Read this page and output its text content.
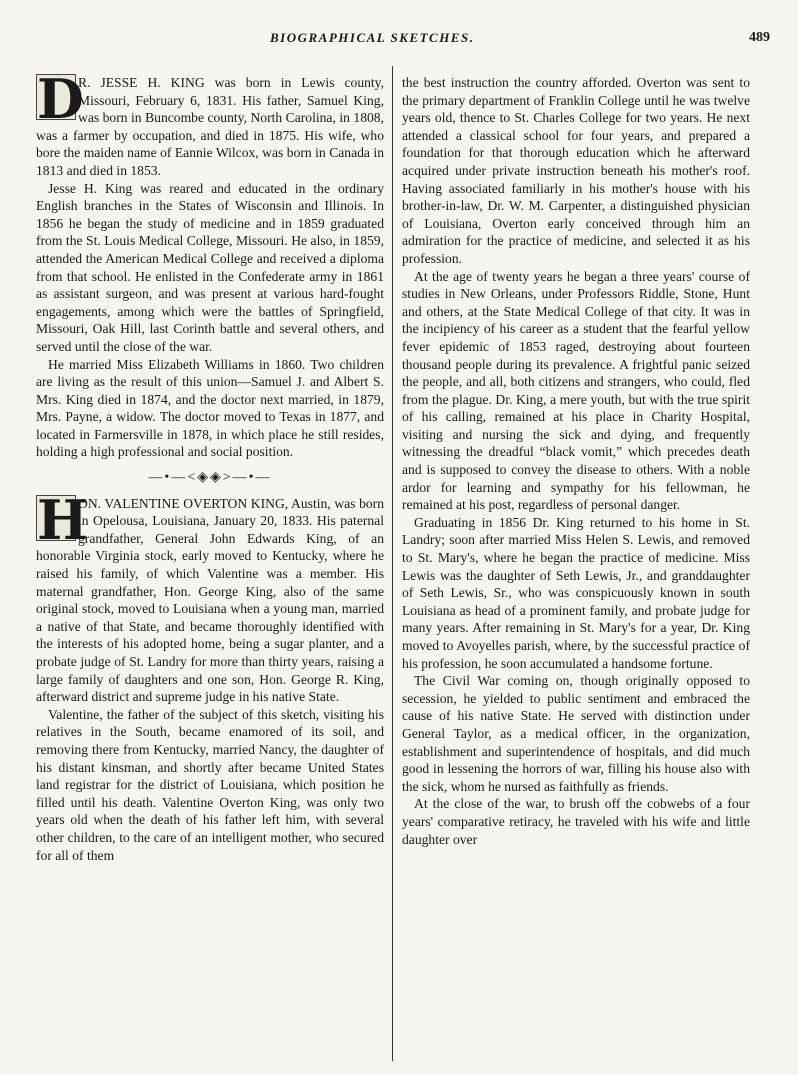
BIOGRAPHICAL SKETCHES.	489

D
R. JESSE H. KING was born in Lewis county, Missouri, February 6, 1831. His father, Samuel King, was born in Buncombe county, North Carolina, in 1808, was a farmer by occupation, and died in 1875. His wife, who bore the maiden name of Eannie Wilcox, was born in Canada in 1813 and died in 1853.

Jesse H. King was reared and educated in the ordinary English branches in the States of Wisconsin and Illinois. In 1856 he began the study of medicine and in 1859 graduated from the St. Louis Medical College, Missouri. He also, in 1859, attended the American Medical College and received a diploma from that school. He enlisted in the Confederate army in 1861 as assistant surgeon, and was present at various hard-fought engagements, among which were the battles of Springfield, Missouri, Oak Hill, last Corinth battle and several others, and served until the close of the war.

He married Miss Elizabeth Williams in 1860. Two children are living as the result of this union—Samuel J. and Albert S. Mrs. King died in 1874, and the doctor next married, in 1879, Mrs. Payne, a widow. The doctor moved to Texas in 1877, and located in Farmersville in 1878, in which place he still resides, holding a high professional and social position.

—•—<◈◈>—•—

H
ON. VALENTINE OVERTON KING, Austin, was born in Opelousa, Louisiana, January 20, 1833. His paternal grandfather, General John Edwards King, of an honorable Virginia stock, early moved to Kentucky, where he raised his family, of which Valentine was a member. His maternal grandfather, Hon. George King, also of the same original stock, moved to Louisiana when a young man, married a native of that State, and became thoroughly identified with the interests of his adopted home, being a sugar planter, and a probate judge of St. Landry for more than thirty years, raising a large family of daughters and one son, Hon. George R. King, afterward district and supreme judge in his native State.

Valentine, the father of the subject of this sketch, visiting his relatives in the South, became enamored of its soil, and removing there from Kentucky, married Nancy, the daughter of his distant kinsman, and shortly after became United States land registrar for the district of Louisiana, which position he filled until his death. Valentine Overton King, was only two years old when the death of his father left him, with several other children, to the care of an intelligent mother, who secured for all of them

the best instruction the country afforded. Overton was sent to the primary department of Franklin College until he was twelve years old, thence to St. Charles College for two years. He next attended a classical school for four years, and prepared a foundation for that thorough education which he afterward acquired under private instruction beneath his mother's roof. Having associated familiarly in his mother's house with his brother-in-law, Dr. W. M. Carpenter, a distinguished physician of Louisiana, Overton early conceived through him an admiration for the practice of medicine, and selected it as his profession.

At the age of twenty years he began a three years' course of studies in New Orleans, under Professors Riddle, Stone, Hunt and others, at the State Medical College of that city. It was in the incipiency of his career as a student that the fearful yellow fever epidemic of 1853 raged, destroying about fourteen thousand people during its prevalence. A frightful panic seized the people, and all, both citizens and strangers, who could, fled from the plague. Dr. King, a mere youth, but with the true spirit of his calling, remained at his place in Charity Hospital, visiting and nursing the sick and dying, and frequently witnessing the dreadful “black vomit,” which precedes death and is supposed to convey the disease to others. With a noble ardor for learning and sympathy for his fellowman, he remained at his post, regardless of personal danger.

Graduating in 1856 Dr. King returned to his home in St. Landry; soon after married Miss Helen S. Lewis, and removed to St. Mary's, where he began the practice of medicine. Miss Lewis was the daughter of Seth Lewis, Jr., and granddaughter of Seth Lewis, Sr., who was conspicuously known in south Louisiana as head of a prominent family, and probate judge for many years. After remaining in St. Mary's for a year, Dr. King moved to Avoyelles parish, where, by the successful practice of his profession, he soon accumulated a handsome fortune.

The Civil War coming on, though originally opposed to secession, he yielded to public sentiment and embraced the cause of his native State. He served with distinction under General Taylor, as a medical officer, in the organization, establishment and superintendence of hospitals, and did much good in lessening the horrors of war, filling his house also with the sick, whom he nursed as faithfully as friends.

At the close of the war, to brush off the cobwebs of a four years' comparative retiracy, he traveled with his wife and little daughter over
